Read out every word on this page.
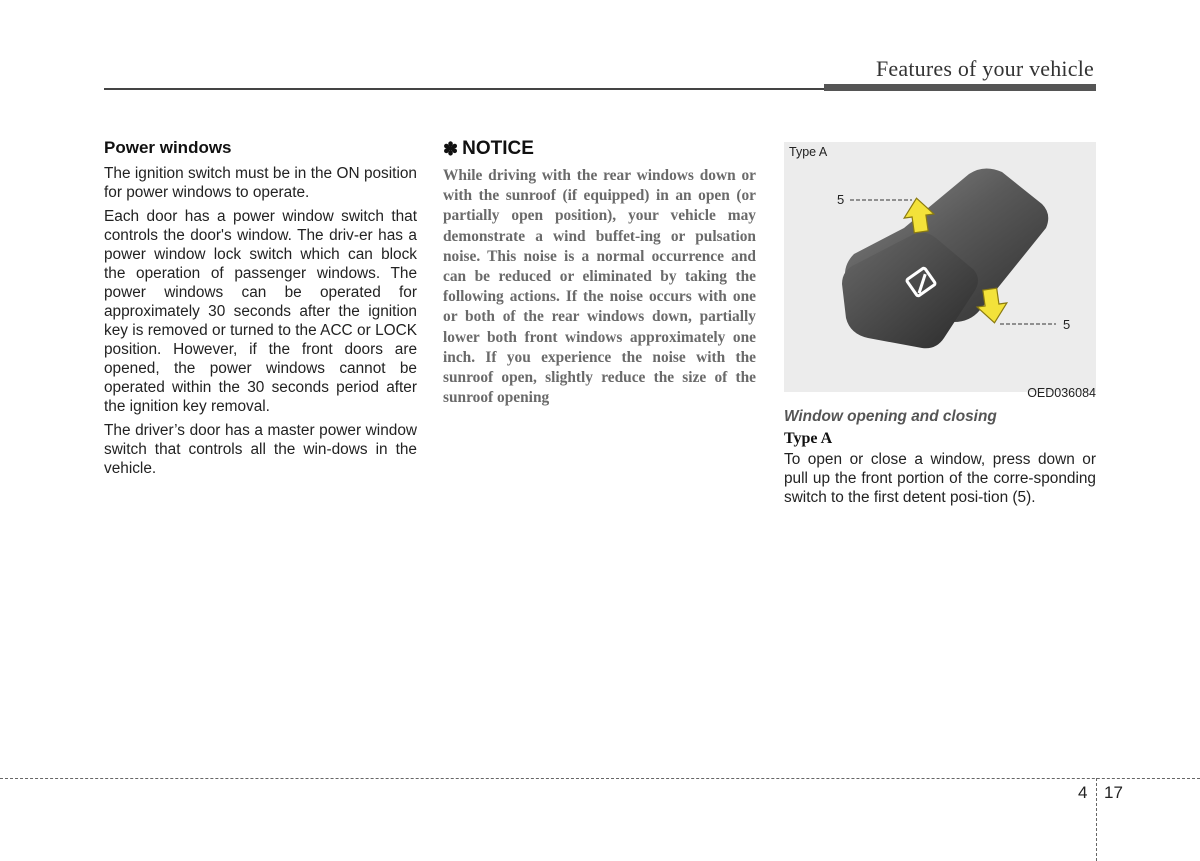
Features of your vehicle
Power windows

The ignition switch must be in the ON position for power windows to operate.

Each door has a power window switch that controls the door's window. The driv-er has a power window lock switch which can block the operation of passenger windows. The power windows can be operated for approximately 30 seconds after the ignition key is removed or turned to the ACC or LOCK position. However, if the front doors are opened, the power windows cannot be operated within the 30 seconds period after the ignition key removal.

The driver’s door has a master power window switch that controls all the win-dows in the vehicle.

✽ NOTICE

While driving with the rear windows down or with the sunroof (if equipped) in an open (or partially open position), your vehicle may demonstrate a wind buffet-ing or pulsation noise. This noise is a normal occurrence and can be reduced or eliminated by taking the following actions. If the noise occurs with one or both of the rear windows down, partially lower both front windows approximately one inch. If you experience the noise with the sunroof open, slightly reduce the size of the sunroof opening

Type A
5
5
OED036084
Window opening and closing
Type A

To open or close a window, press down or pull up the front portion of the corre-sponding switch to the first detent posi-tion (5).

4 17
